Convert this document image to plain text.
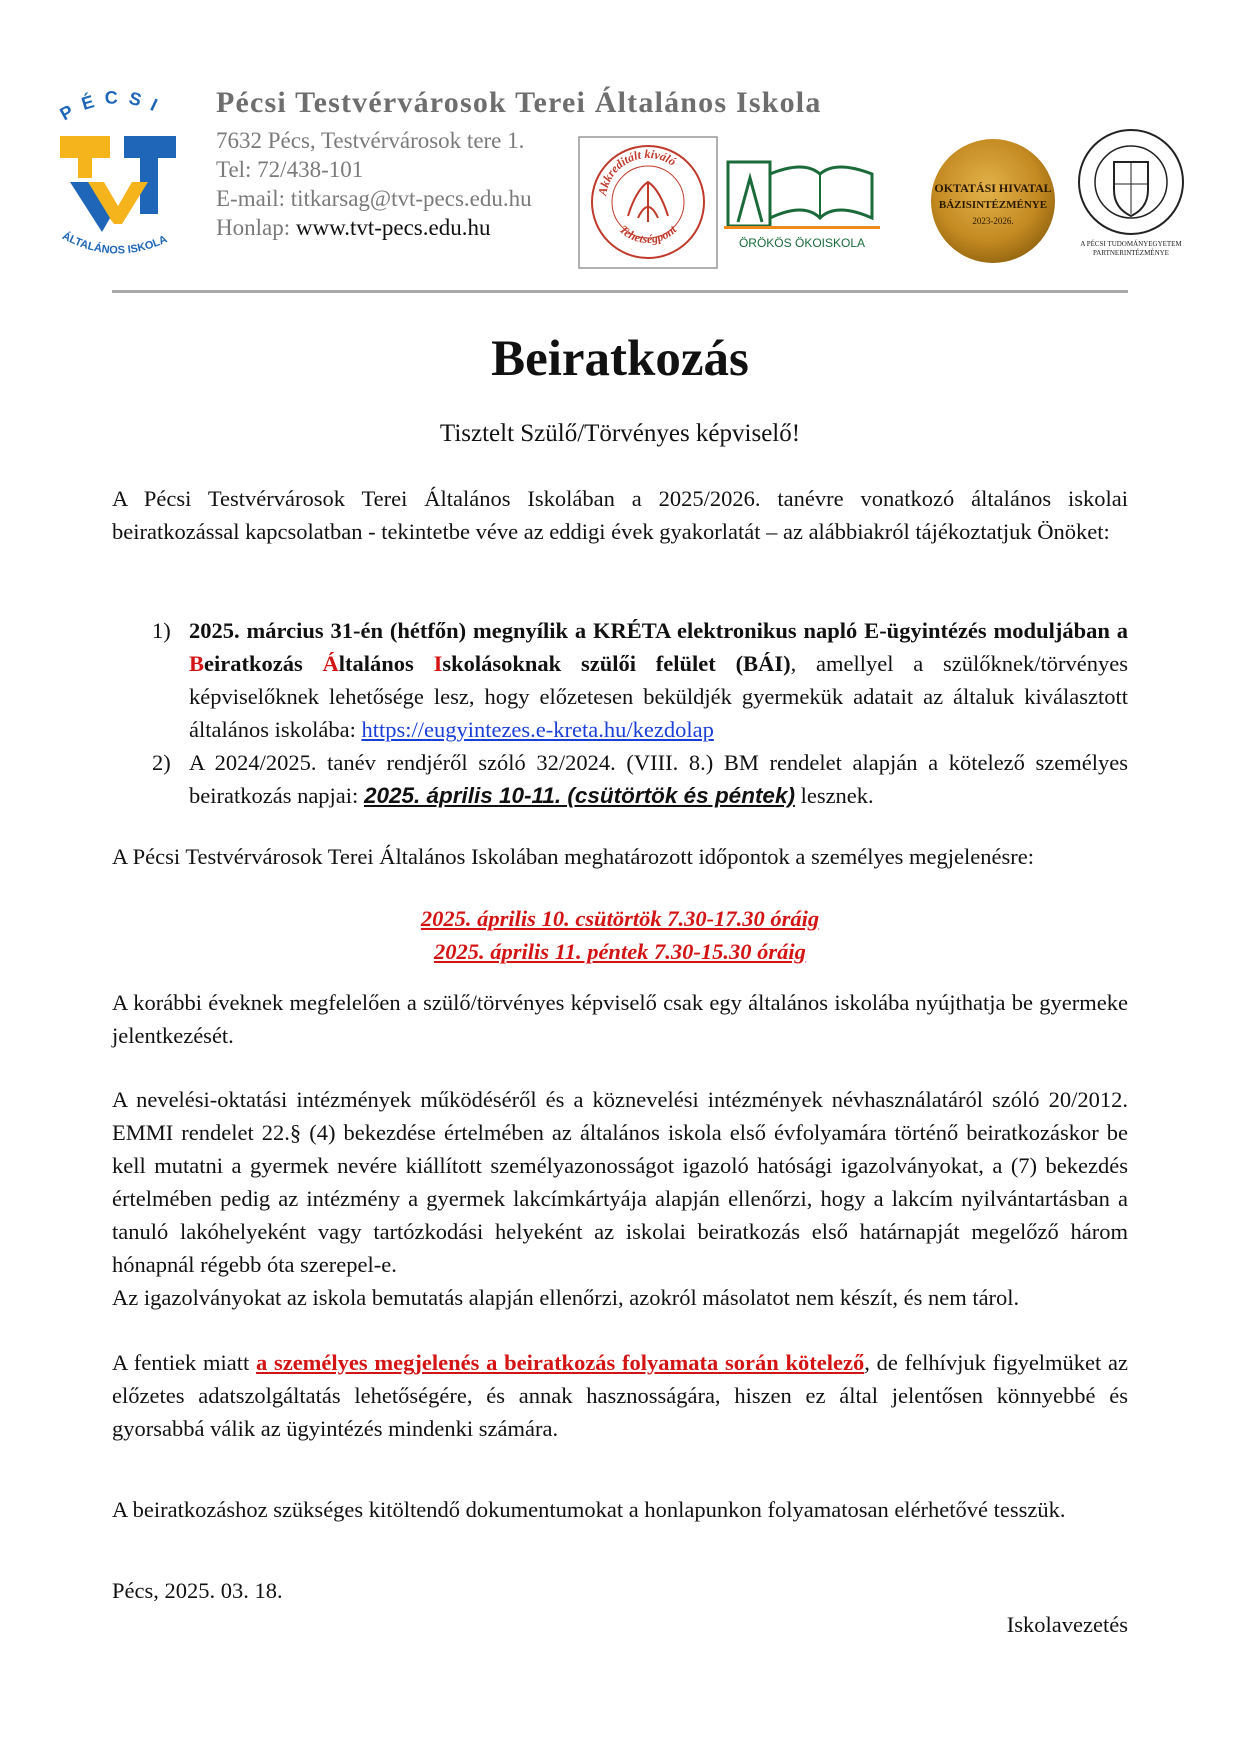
PÉCSI
ÁLTALÁNOS ISKOLA
Pécsi Testvérvárosok Terei Általános Iskola
7632 Pécs, Testvérvárosok tere 1.
Tel: 72/438-101
E-mail: titkarsag@tvt-pecs.edu.hu
Honlap: www.tvt-pecs.edu.hu
Akkreditált kiváló
Tehetségpont
ÖRÖKÖS ÖKOISKOLA
OKTATÁSI HIVATAL
BÁZISINTÉZMÉNYE
2023-2026.
A PÉCSI TUDOMÁNYEGYETEM
PARTNERINTÉZMÉNYE
Beiratkozás
Tisztelt Szülő/Törvényes képviselő!
A Pécsi Testvérvárosok Terei Általános Iskolában a 2025/2026. tanévre vonatkozó általános iskolai beiratkozással kapcsolatban - tekintetbe véve az eddigi évek gyakorlatát – az alábbiakról tájékoztatjuk Önöket:
1) 2025. március 31-én (hétfőn) megnyílik a KRÉTA elektronikus napló E-ügyintézés moduljában a Beiratkozás Általános Iskolásoknak szülői felület (BÁI), amellyel a szülőknek/törvényes képviselőknek lehetősége lesz, hogy előzetesen beküldjék gyermekük adatait az általuk kiválasztott általános iskolába: https://eugyintezes.e-kreta.hu/kezdolap
2) A 2024/2025. tanév rendjéről szóló 32/2024. (VIII. 8.) BM rendelet alapján a kötelező személyes beiratkozás napjai: 2025. április 10-11. (csütörtök és péntek) lesznek.
A Pécsi Testvérvárosok Terei Általános Iskolában meghatározott időpontok a személyes megjelenésre:
2025. április 10. csütörtök 7.30-17.30 óráig
2025. április 11. péntek 7.30-15.30 óráig
A korábbi éveknek megfelelően a szülő/törvényes képviselő csak egy általános iskolába nyújthatja be gyermeke jelentkezését.
A nevelési-oktatási intézmények működéséről és a köznevelési intézmények névhasználatáról szóló 20/2012. EMMI rendelet 22.§ (4) bekezdése értelmében az általános iskola első évfolyamára történő beiratkozáskor be kell mutatni a gyermek nevére kiállított személyazonosságot igazoló hatósági igazolványokat, a (7) bekezdés értelmében pedig az intézmény a gyermek lakcímkártyája alapján ellenőrzi, hogy a lakcím nyilvántartásban a tanuló lakóhelyeként vagy tartózkodási helyeként az iskolai beiratkozás első határnapját megelőző három hónapnál régebb óta szerepel-e.
Az igazolványokat az iskola bemutatás alapján ellenőrzi, azokról másolatot nem készít, és nem tárol.
A fentiek miatt a személyes megjelenés a beiratkozás folyamata során kötelező, de felhívjuk figyelmüket az előzetes adatszolgáltatás lehetőségére, és annak hasznosságára, hiszen ez által jelentősen könnyebbé és gyorsabbá válik az ügyintézés mindenki számára.
A beiratkozáshoz szükséges kitöltendő dokumentumokat a honlapunkon folyamatosan elérhetővé tesszük.
Pécs, 2025. 03. 18.
Iskolavezetés
